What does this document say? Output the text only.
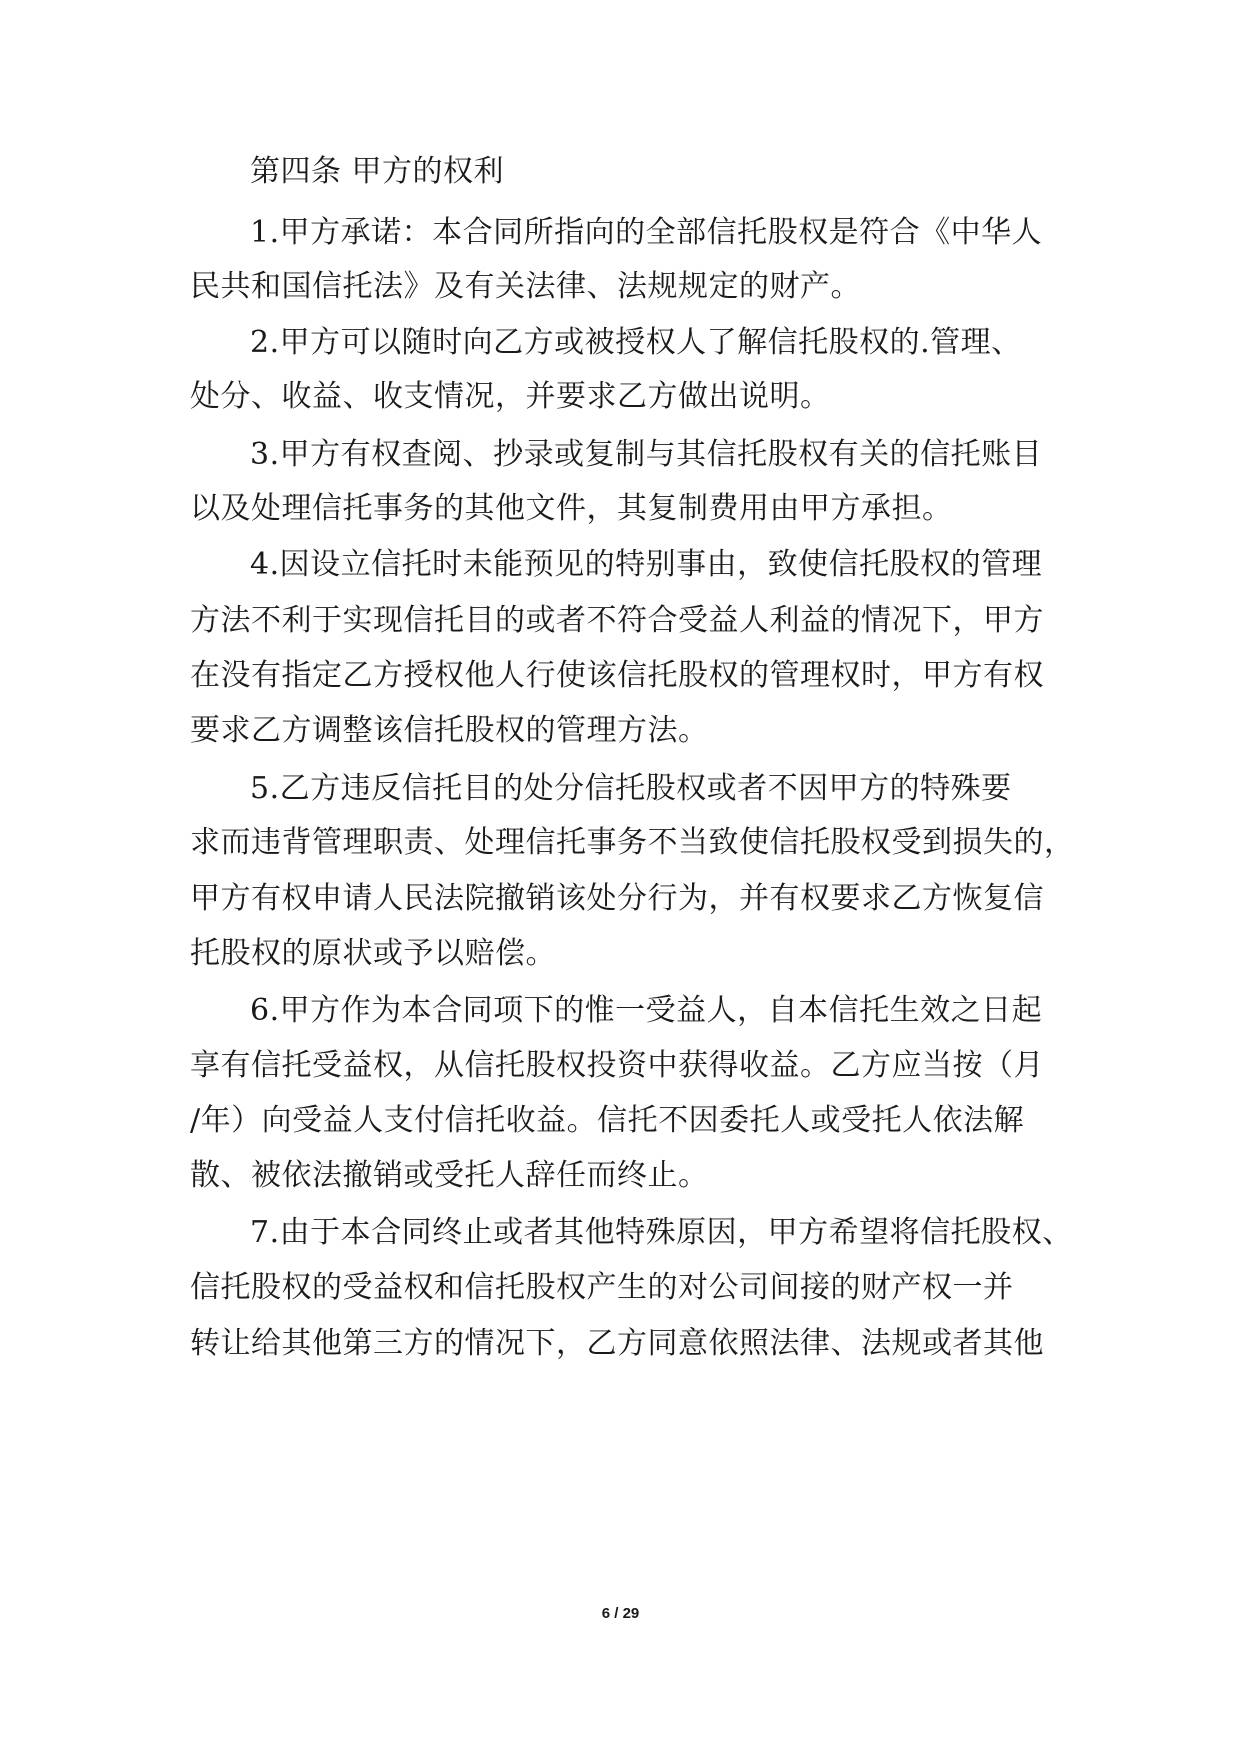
第四条 甲方的权利
1.甲方承诺：本合同所指向的全部信托股权是符合《中华人
民共和国信托法》及有关法律、法规规定的财产。
2.甲方可以随时向乙方或被授权人了解信托股权的.管理、
处分、收益、收支情况，并要求乙方做出说明。
3.甲方有权查阅、抄录或复制与其信托股权有关的信托账目
以及处理信托事务的其他文件，其复制费用由甲方承担。
4.因设立信托时未能预见的特别事由，致使信托股权的管理
方法不利于实现信托目的或者不符合受益人利益的情况下，甲方
在没有指定乙方授权他人行使该信托股权的管理权时，甲方有权
要求乙方调整该信托股权的管理方法。
5.乙方违反信托目的处分信托股权或者不因甲方的特殊要
求而违背管理职责、处理信托事务不当致使信托股权受到损失的，
甲方有权申请人民法院撤销该处分行为，并有权要求乙方恢复信
托股权的原状或予以赔偿。
6.甲方作为本合同项下的惟一受益人，自本信托生效之日起
享有信托受益权，从信托股权投资中获得收益。乙方应当按（月
/年）向受益人支付信托收益。信托不因委托人或受托人依法解
散、被依法撤销或受托人辞任而终止。
7.由于本合同终止或者其他特殊原因，甲方希望将信托股权、
信托股权的受益权和信托股权产生的对公司间接的财产权一并
转让给其他第三方的情况下，乙方同意依照法律、法规或者其他
6 / 29
